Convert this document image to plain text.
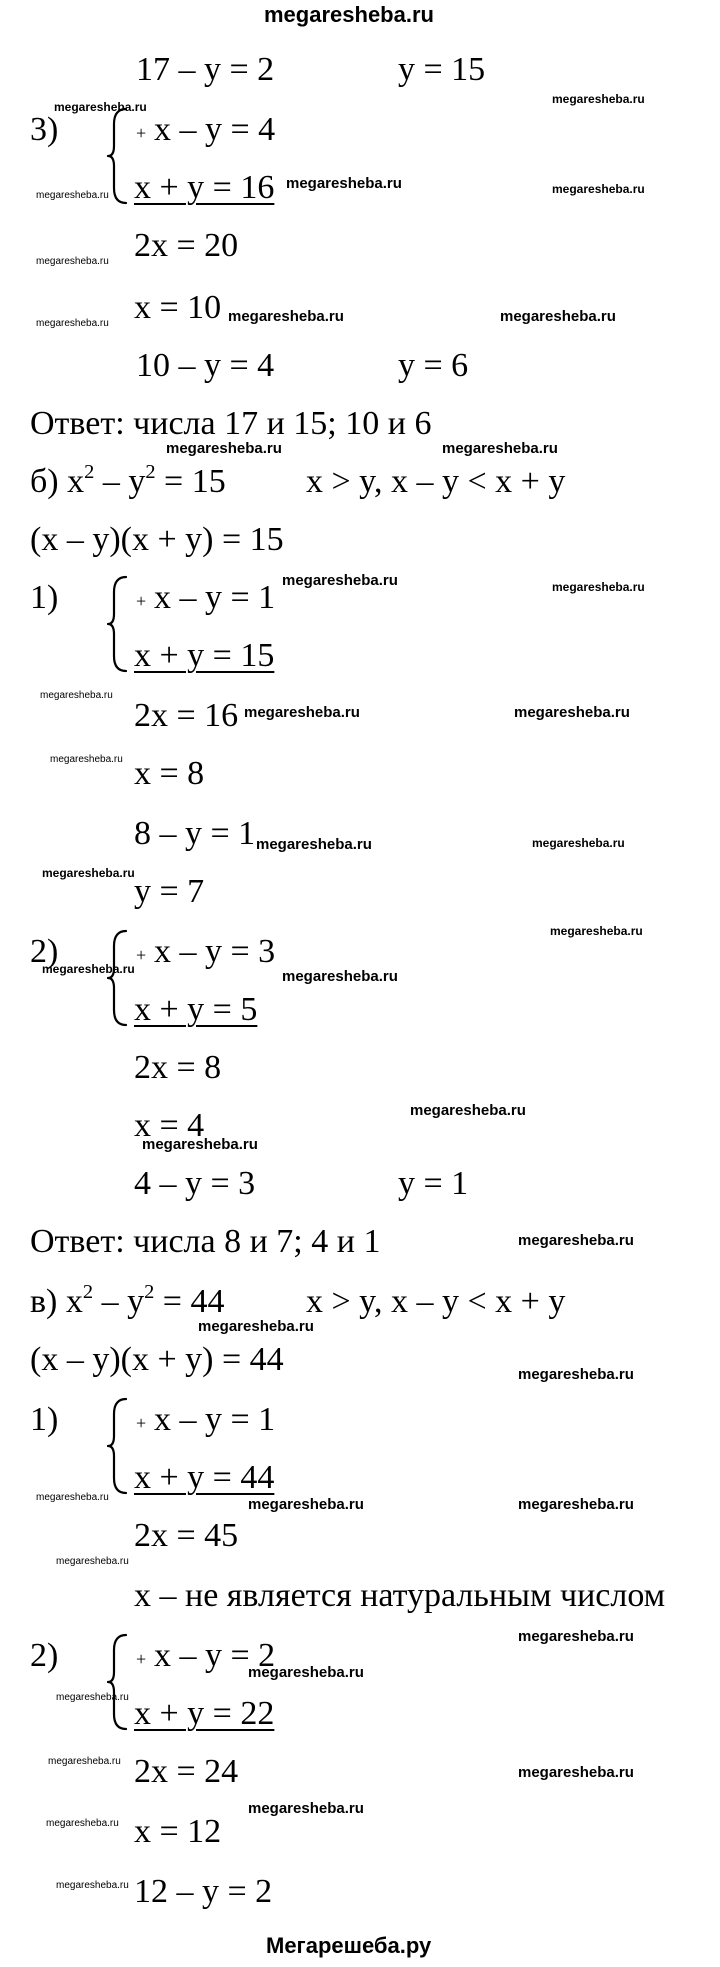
megaresheba.ru
Мегарешеба.ру
17 – y = 2	y = 15
3)	+ x – y = 4
x + y = 16
2x = 20
x = 10
10 – y = 4	y = 6
Ответ: числа 17 и 15; 10 и 6
б) $x^2 - y^2 = 15$ x > y, x – y < x + y
(x – y)(x + y) = 15
1)	+ x – y = 1
x + y = 15
2x = 16
x = 8
8 – y = 1
y = 7
2)	+ x – y = 3
x + y = 5
2x = 8
x = 4
4 – y = 3	y = 1
Ответ: числа 8 и 7; 4 и 1
в) $x^2 - y^2 = 44$ x > y, x – y < x + y
(x – y)(x + y) = 44
1)	+ x – y = 1
x + y = 44
2x = 45
x – не является натуральным числом
2)	+ x – y = 2
x + y = 22
2x = 24
x = 12
12 – y = 2
megaresheba.ru
megaresheba.ru
megaresheba.ru
megaresheba.ru	megaresheba.ru
megaresheba.ru
megaresheba.ru	megaresheba.ru
megaresheba.ru
megaresheba.ru	megaresheba.ru
megaresheba.ru	megaresheba.ru
megaresheba.ru
megaresheba.ru	megaresheba.ru
megaresheba.ru
megaresheba.ru	megaresheba.ru
megaresheba.ru
megaresheba.ru
megaresheba.ru	megaresheba.ru
megaresheba.ru
megaresheba.ru
megaresheba.ru
megaresheba.ru
megaresheba.ru
megaresheba.ru	megaresheba.ru	megaresheba.ru
megaresheba.ru
megaresheba.ru
megaresheba.ru
megaresheba.ru
megaresheba.ru
megaresheba.ru
megaresheba.ru
megaresheba.ru
megaresheba.ru
